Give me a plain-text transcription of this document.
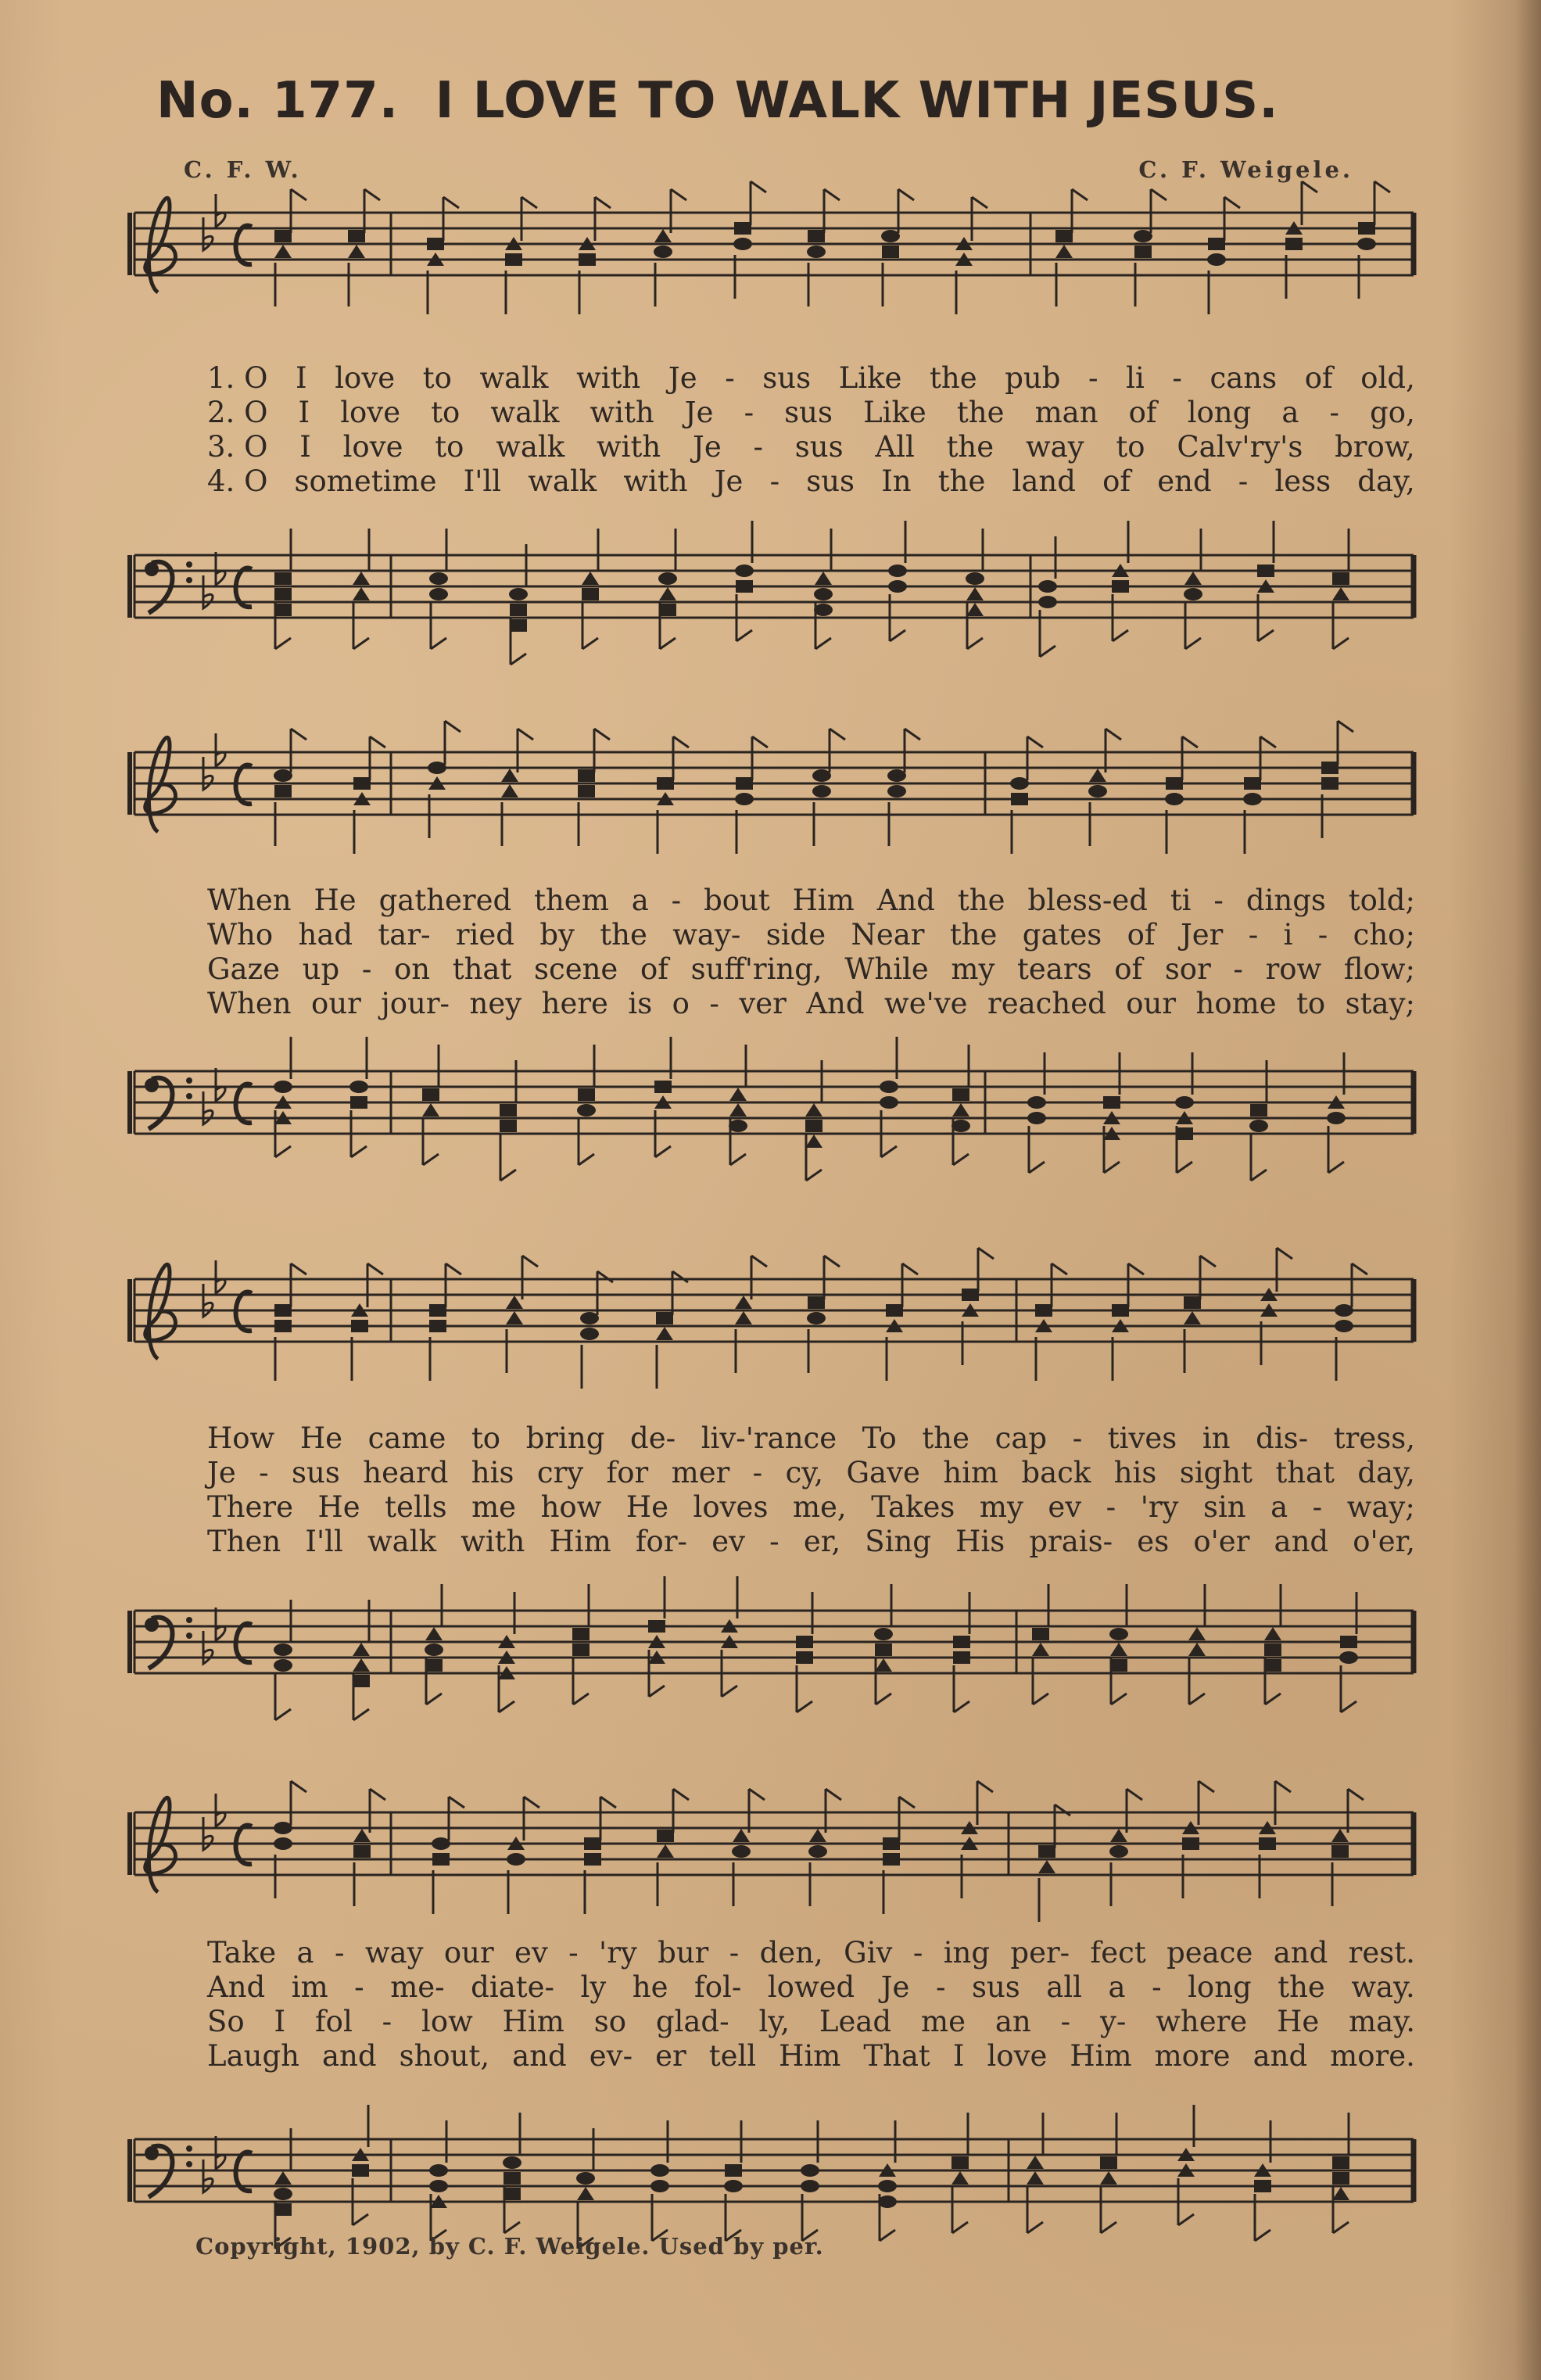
No. 177. I LOVE TO WALK WITH JESUS.
C. F. W.	C. F. Weigele.
1. O I love to walk with Je - sus Like the pub - li - cans of old,
2. O I love to walk with Je - sus Like the man of long a - go,
3. O I love to walk with Je - sus All the way to Calv'ry's brow,
4. O sometime I'll walk with Je - sus In the land of end - less day,
When He gathered them a - bout Him And the bless-ed ti - dings told;
Who had tar- ried by the way- side Near the gates of Jer - i - cho;
Gaze up - on that scene of suff'ring, While my tears of sor - row flow;
When our jour- ney here is o - ver And we've reached our home to stay;
How He came to bring de- liv-'rance To the cap - tives in dis- tress,
Je - sus heard his cry for mer - cy, Gave him back his sight that day,
There He tells me how He loves me, Takes my ev - 'ry sin a - way;
Then I'll walk with Him for- ev - er, Sing His prais- es o'er and o'er,
Take a - way our ev - 'ry bur - den, Giv - ing per- fect peace and rest.
And im - me- diate- ly he fol- lowed Je - sus all a - long the way.
So I fol - low Him so glad- ly, Lead me an - y- where He may.
Laugh and shout, and ev- er tell Him That I love Him more and more.
Copyright, 1902, by C. F. Weigele. Used by per.
